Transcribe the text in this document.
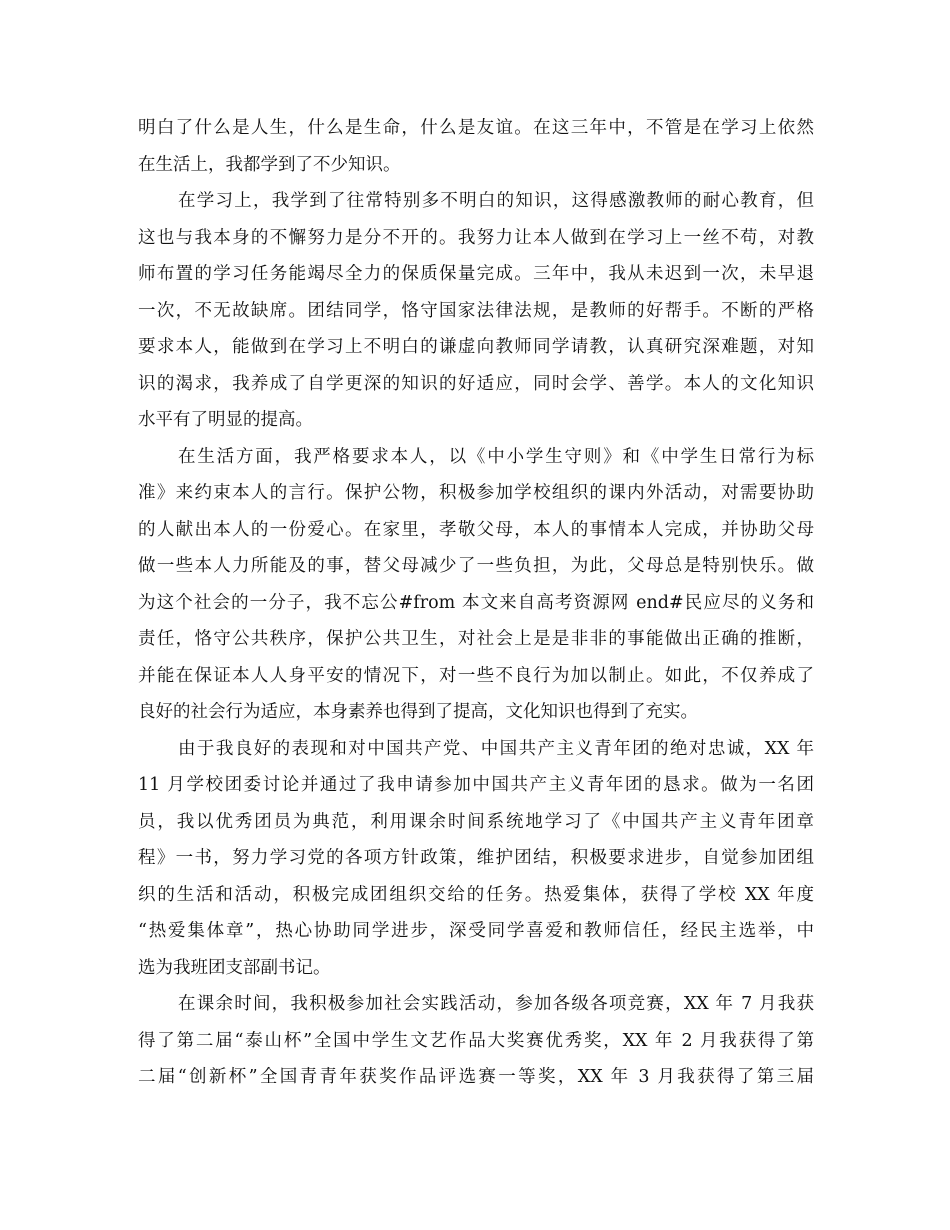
明白了什么是人生，什么是生命，什么是友谊。在这三年中，不管是在学习上依然
在生活上，我都学到了不少知识。
在学习上，我学到了往常特别多不明白的知识，这得感激教师的耐心教育，但
这也与我本身的不懈努力是分不开的。我努力让本人做到在学习上一丝不苟，对教
师布置的学习任务能竭尽全力的保质保量完成。三年中，我从未迟到一次，未早退
一次，不无故缺席。团结同学，恪守国家法律法规，是教师的好帮手。不断的严格
要求本人，能做到在学习上不明白的谦虚向教师同学请教，认真研究深难题，对知
识的渴求，我养成了自学更深的知识的好适应，同时会学、善学。本人的文化知识
水平有了明显的提高。
在生活方面，我严格要求本人，以《中小学生守则》和《中学生日常行为标
准》来约束本人的言行。保护公物，积极参加学校组织的课内外活动，对需要协助
的人献出本人的一份爱心。在家里，孝敬父母，本人的事情本人完成，并协助父母
做一些本人力所能及的事，替父母减少了一些负担，为此，父母总是特别快乐。做
为这个社会的一分子，我不忘公#from 本文来自高考资源网 end#民应尽的义务和
责任，恪守公共秩序，保护公共卫生，对社会上是是非非的事能做出正确的推断，
并能在保证本人人身平安的情况下，对一些不良行为加以制止。如此，不仅养成了
良好的社会行为适应，本身素养也得到了提高，文化知识也得到了充实。
由于我良好的表现和对中国共产党、中国共产主义青年团的绝对忠诚，XX 年
11 月学校团委讨论并通过了我申请参加中国共产主义青年团的恳求。做为一名团
员，我以优秀团员为典范，利用课余时间系统地学习了《中国共产主义青年团章
程》一书，努力学习党的各项方针政策，维护团结，积极要求进步，自觉参加团组
织的生活和活动，积极完成团组织交给的任务。热爱集体，获得了学校 XX 年度
“热爱集体章”，热心协助同学进步，深受同学喜爱和教师信任，经民主选举，中
选为我班团支部副书记。
在课余时间，我积极参加社会实践活动，参加各级各项竞赛，XX 年 7 月我获
得了第二届“泰山杯”全国中学生文艺作品大奖赛优秀奖，XX 年 2 月我获得了第
二届“创新杯”全国青青年获奖作品评选赛一等奖，XX 年 3 月我获得了第三届
